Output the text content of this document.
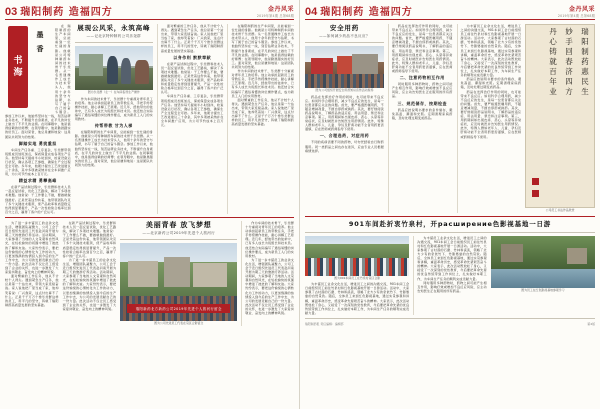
03 瑞阳制药 造福四方	金丹风采
2019年第4期 总第68期
书
海
墨
香
在瑞阳制药的生产车间里，总能看到一位忙碌的身影。他就是公司特种制药车间的技术骨干乐尧群。从一名普通操作工成长为技术带头人，他用十余年的坚守与钻研，书写了属于自己的奋斗篇章。参加工作以来，他始终坚持在一线，刻苦钻研业务技术，不断提升自身素质，在平凡的岗位上做出了不平凡的业绩。在同事眼中，他是值得信赖的好师傅；在领导眼中，他是勤恳踏实的好员工。面对荣誉，他总是谦和地说：这是团队共同努力的结果。
脚踏实地 勇挑重担
车间生产任务重、工序复杂，乐尧群带领班组成员加班加点，保质保量完成各项生产任务。他坚持每天提前半小时到岗，检查设备运行状况，确认各项工艺参数，确保生产全过程安全可控。多年来，他累计提出工艺改进建议三十余条，其中多项被采纳并在全车间推广应用，为公司节约成本上百万元。
精益求精 勇攀高峰
在新产品试制过程中，乐尧群和技术人员一起反复试验，优化工艺路线，解决了多项技术难题。他常说：干工作要么不做，要做就做到最好。正是凭着这份执着，他带领团队攻克了多个关键技术瓶颈，使产品收率和质量稳定性得到显著提升，产品一次性检验合格率达到百分之百，赢得了客户的广泛认可。
展现公风采，永筑高峰
——记北京特种制药公司乐尧群
图为乐尧群（左一）在车间指导生产操作
作为车间的技术骨干，乐尧群十分重视对青年员工的培养。他主动承担起新员工的带教任务，手把手传授操作技能，耐心讲解工艺原理。近几年，经他带出的徒弟中，已有多人成长为班组长和技术员。他还结合实际编写了通俗易懂的岗位操作要点，成为新员工入门的实用教材。
传帮带教 甘为人梯
在瑞阳制药的生产车间里，总能看到一位忙碌的身影。他就是公司特种制药车间的技术骨干乐尧群。从一名普通操作工成长为技术带头人，他用十余年的坚守与钻研，书写了属于自己的奋斗篇章。参加工作以来，他始终坚持在一线，刻苦钻研业务技术，不断提升自身素质，在平凡的岗位上做出了不平凡的业绩。在同事眼中，他是值得信赖的好师傅；在领导眼中，他是勤恳踏实的好员工。面对荣誉，他总是谦和地说：这是团队共同努力的结果。
面对繁重的工作任务，他从不计较个人得失。遇到紧急生产任务，他总是第一个站出来，带领大家连续奋战。家人说他把厂里当成了家，他却笑着说：厂兴我荣，这点付出算不了什么。正是千千万万个像乐尧群这样的员工，用平凡的坚守，铸就了瑞阳制药高质量发展的坚实基础。
以身作则 默默奉献
在新产品试制过程中，乐尧群和技术人员一起反复试验，优化工艺路线，解决了多项技术难题。他常说：干工作要么不做，要做就做到最好。正是凭着这份执着，他带领团队攻克了多个关键技术瓶颈，使产品收率和质量稳定性得到显著提升，产品一次性检验合格率达到百分之百，赢得了客户的广泛认可。
车间生产任务重、工序复杂，乐尧群带领班组成员加班加点，保质保量完成各项生产任务。他坚持每天提前半小时到岗，检查设备运行状况，确认各项工艺参数，确保生产全过程安全可控。多年来，他累计提出工艺改进建议三十余条，其中多项被采纳并在全车间推广应用，为公司节约成本上百万元。
在瑞阳制药的生产车间里，总能看到一位忙碌的身影。他就是公司特种制药车间的技术骨干乐尧群。从一名普通操作工成长为技术带头人，他用十余年的坚守与钻研，书写了属于自己的奋斗篇章。参加工作以来，他始终坚持在一线，刻苦钻研业务技术，不断提升自身素质，在平凡的岗位上做出了不平凡的业绩。在同事眼中，他是值得信赖的好师傅；在领导眼中，他是勤恳踏实的好员工。面对荣誉，他总是谦和地说：这是团队共同努力的结果。
作为车间的技术骨干，乐尧群十分重视对青年员工的培养。他主动承担起新员工的带教任务，手把手传授操作技能，耐心讲解工艺原理。近几年，经他带出的徒弟中，已有多人成长为班组长和技术员。他还结合实际编写了通俗易懂的岗位操作要点，成为新员工入门的实用教材。
面对繁重的工作任务，他从不计较个人得失。遇到紧急生产任务，他总是第一个站出来，带领大家连续奋战。家人说他把厂里当成了家，他却笑着说：厂兴我荣，这点付出算不了什么。正是千千万万个像乐尧群这样的员工，用平凡的坚守，铸就了瑞阳制药高质量发展的坚实基础。
为了进一步丰富员工的业余文化生活，增强团队凝聚力，公司工会于近日组织先进员工代表赴河南开展为期三天的旅游疗养活动。活动期间，大家参观了当地的人文景观和自然风光，在轻松愉快的氛围中增进了彼此的了解和友谊。大家纷纷表示，要把这份愉悦的心情转化为工作的动力，以更加饱满的热情投入到今后的生产工作中去，为公司的发展贡献自己的一份力量。此次活动不仅让员工感受到了企业的关怀，也进一步激发了大家爱岗敬业、奋发向上的精神风貌。
面对繁重的工作任务，他从不计较个人得失。遇到紧急生产任务，他总是第一个站出来，带领大家连续奋战。家人说他把厂里当成了家，他却笑着说：厂兴我荣，这点付出算不了什么。正是千千万万个像乐尧群这样的员工，用平凡的坚守，铸就了瑞阳制药高质量发展的坚实基础。
在新产品试制过程中，乐尧群和技术人员一起反复试验，优化工艺路线，解决了多项技术难题。他常说：干工作要么不做，要做就做到最好。正是凭着这份执着，他带领团队攻克了多个关键技术瓶颈，使产品收率和质量稳定性得到显著提升，产品一次性检验合格率达到百分之百，赢得了客户的广泛认可。
为了进一步丰富员工的业余文化生活，增强团队凝聚力，公司工会于近日组织先进员工代表赴河南开展为期三天的旅游疗养活动。活动期间，大家参观了当地的人文景观和自然风光，在轻松愉快的氛围中增进了彼此的了解和友谊。大家纷纷表示，要把这份愉悦的心情转化为工作的动力，以更加饱满的热情投入到今后的生产工作中去，为公司的发展贡献自己的一份力量。此次活动不仅让员工感受到了企业的关怀，也进一步激发了大家爱岗敬业、奋发向上的精神风貌。
美丽青春 放飞梦想
——北京新药公司2019年先进个人旅河行
瑞阳新药北方新药公司2019年先进个人旅河行留念
图为公司先进员工代表在景区合影留念
作为车间的技术骨干，乐尧群十分重视对青年员工的培养。他主动承担起新员工的带教任务，手把手传授操作技能，耐心讲解工艺原理。近几年，经他带出的徒弟中，已有多人成长为班组长和技术员。他还结合实际编写了通俗易懂的岗位操作要点，成为新员工入门的实用教材。
为了进一步丰富员工的业余文化生活，增强团队凝聚力，公司工会于近日组织先进员工代表赴河南开展为期三天的旅游疗养活动。活动期间，大家参观了当地的人文景观和自然风光，在轻松愉快的氛围中增进了彼此的了解和友谊。大家纷纷表示，要把这份愉悦的心情转化为工作的动力，以更加饱满的热情投入到今后的生产工作中去，为公司的发展贡献自己的一份力量。此次活动不仅让员工感受到了企业的关怀，也进一步激发了大家爱岗敬业、奋发向上的精神风貌。
04 瑞阳制药 造福四方	金丹风采
2019年第4期 总第68期
安全用药
——如何减少药品不良反应？
图为公司组织开展安全用药知识宣传活动现场
药品在发挥治疗作用的同时，也可能带来不良反应。如何科学合理用药，减少不良反应的发生，是每一位患者都应关注的问题。首先，要严格遵医嘱用药，不随意增减剂量，不擅自停药或换药。其次，要仔细阅读药品说明书，了解药品的适应症、用法用量、禁忌和注意事项。第三，用药期间如出现皮疹、恶心、头晕等异常症状，应及时就医并告知医生用药情况。此外，特殊人群如老年人、儿童、孕妇及肝肾功能不全者用药更需谨慎，应在医师或药师指导下使用。
一、合理选药，对症用药
不同的疾病需要不同的药物，切勿凭经验自行购药服用。同一类药品之间也存在差异，应由专业人员根据病情选择。
药品在发挥治疗作用的同时，也可能带来不良反应。如何科学合理用药，减少不良反应的发生，是每一位患者都应关注的问题。首先，要严格遵医嘱用药，不随意增减剂量，不擅自停药或换药。其次，要仔细阅读药品说明书，了解药品的适应症、用法用量、禁忌和注意事项。第三，用药期间如出现皮疹、恶心、头晕等异常症状，应及时就医并告知医生用药情况。此外，特殊人群如老年人、儿童、孕妇及肝肾功能不全者用药更需谨慎，应在医师或药师指导下使用。
二、注意药物相互作用
同时服用多种药物时，药物之间可能产生相互作用，影响疗效或增加不良反应风险，应主动告知医生正在服用的所有药品。
三、规范储存，按期检查
药品应按说明书要求的条件储存，避免高温、潮湿和光照。定期清理家庭药箱，及时处理过期变质药品。
为丰富员工业余文化生活，增进员工之间的沟通交流，901车间工会日前组织员工前往竹泉村和红色影视基地开展一日游活动。活动中，大家参观了古村落的石磨、竹林和溪流，领略了北方少有的泉依竹下、竹影婆娑的自然景致。随后，全体员工来到红色影视基地，通过实景参观和讲解，重温革命历史，感受革命先辈艰苦奋斗的精神。大家表示，此次活动既放松了身心，又接受了一次深刻的党性教育，今后要把革命先辈的优良传统带到工作岗位上，扎实做好本职工作，为车间生产任务的顺利完成贡献力量。
药品应按说明书要求的条件储存，避免高温、潮湿和光照。定期清理家庭药箱，及时处理过期变质药品。
药品在发挥治疗作用的同时，也可能带来不良反应。如何科学合理用药，减少不良反应的发生，是每一位患者都应关注的问题。首先，要严格遵医嘱用药，不随意增减剂量，不擅自停药或换药。其次，要仔细阅读药品说明书，了解药品的适应症、用法用量、禁忌和注意事项。第三，用药期间如出现皮疹、恶心、头晕等异常症状，应及时就医并告知医生用药情况。此外，特殊人群如老年人、儿童、孕妇及肝肾功能不全者用药更需谨慎，应在医师或药师指导下使用。
瑞
阳
制
药
惠
民
生
妙
手
回
春
济
四
方
丹
心
铸
就
百
年
业
公司员工书法作品欣赏
901车间赴折衷竹泉村，开расширение色影视基地一日游
图为901车间员工在竹泉村景区合影
为丰富员工业余文化生活，增进员工之间的沟通交流，901车间工会日前组织员工前往竹泉村和红色影视基地开展一日游活动。活动中，大家参观了古村落的石磨、竹林和溪流，领略了北方少有的泉依竹下、竹影婆娑的自然景致。随后，全体员工来到红色影视基地，通过实景参观和讲解，重温革命历史，感受革命先辈艰苦奋斗的精神。大家表示，此次活动既放松了身心，又接受了一次深刻的党性教育，今后要把革命先辈的优良传统带到工作岗位上，扎实做好本职工作，为车间生产任务的顺利完成贡献力量。
为丰富员工业余文化生活，增进员工之间的沟通交流，901车间工会日前组织员工前往竹泉村和红色影视基地开展一日游活动。活动中，大家参观了古村落的石磨、竹林和溪流，领略了北方少有的泉依竹下、竹影婆娑的自然景致。随后，全体员工来到红色影视基地，通过实景参观和讲解，重温革命历史，感受革命先辈艰苦奋斗的精神。大家表示，此次活动既放松了身心，又接受了一次深刻的党性教育，今后要把革命先辈的优良传统带到工作岗位上，扎实做好本职工作，为车间生产任务的顺利完成贡献力量。
同时服用多种药物时，药物之间可能产生相互作用，影响疗效或增加不良反应风险，应主动告知医生正在服用的所有药品。	图为员工在红色影视基地参观学习
瑞阳制药报 责任编辑：编辑部	第4版
